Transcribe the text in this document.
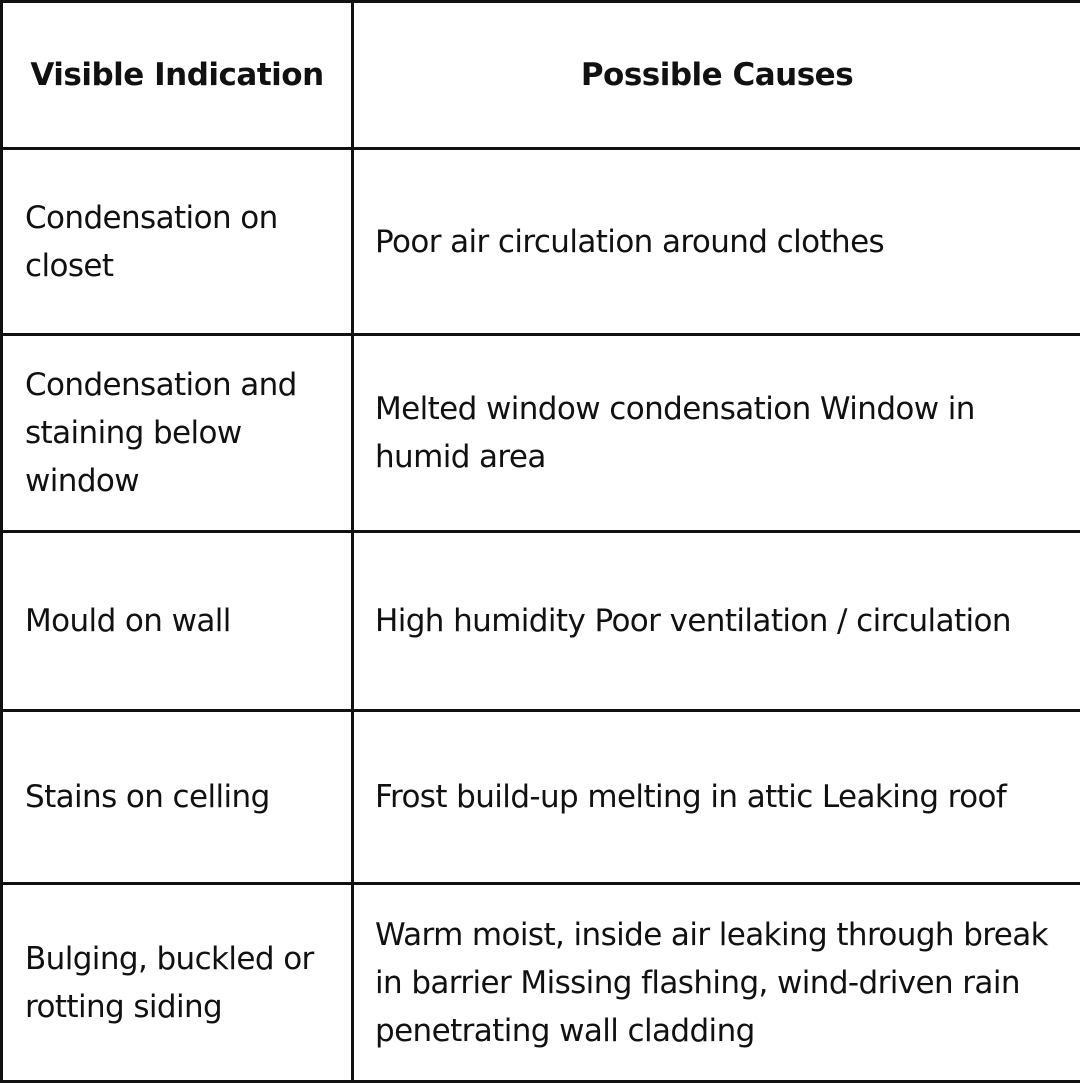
Visible Indication	Possible Causes
Condensation on closet	Poor air circulation around clothes
Condensation and staining below window	Melted window condensation Window in humid area
Mould on wall	High humidity Poor ventilation / circulation
Stains on celling	Frost build-up melting in attic Leaking roof
Bulging, buckled or rotting siding	Warm moist, inside air leaking through break in barrier Missing flashing, wind-driven rain penetrating wall cladding
